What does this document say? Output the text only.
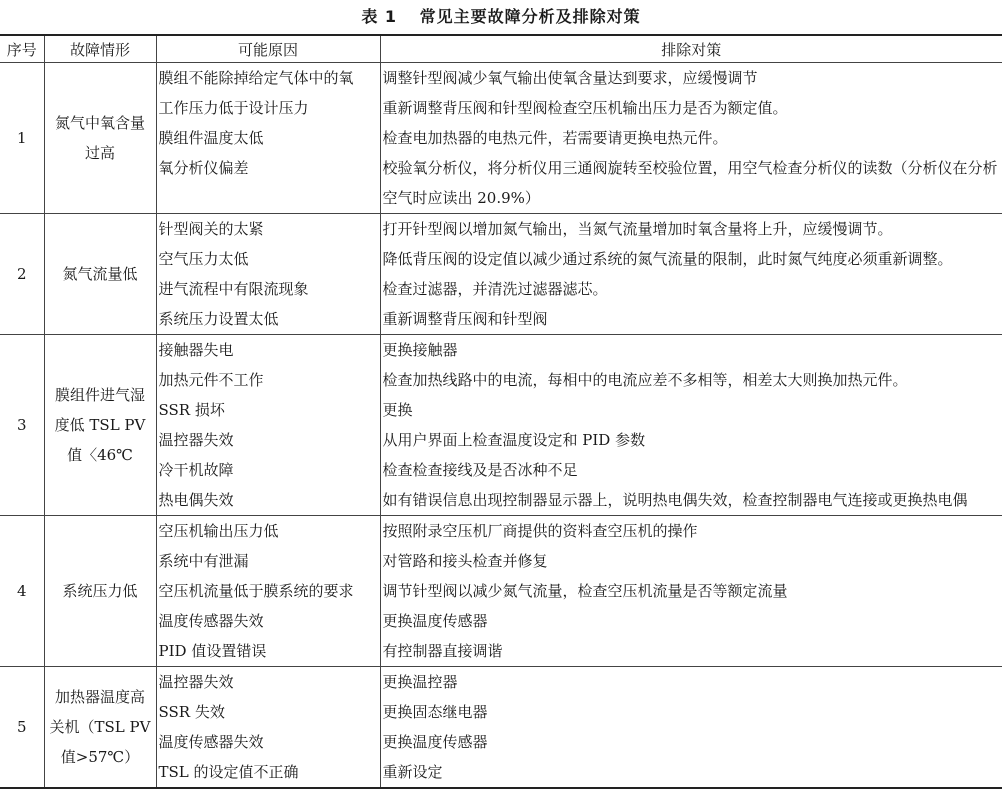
表 1 常见主要故障分析及排除对策
序号	故障情形	可能原因	排除对策
1	氮气中氧含量过高	膜组不能除掉给定气体中的氧	调整针型阀减少氧气输出使氧含量达到要求，应缓慢调节
		工作压力低于设计压力	重新调整背压阀和针型阀检查空压机输出压力是否为额定值。
		膜组件温度太低	检查电加热器的电热元件，若需要请更换电热元件。
		氧分析仪偏差	校验氧分析仪，将分析仪用三通阀旋转至校验位置，用空气检查分析仪的读数（分析仪在分析空气时应读出 20.9%）

2	氮气流量低	针型阀关的太紧	打开针型阀以增加氮气输出，当氮气流量增加时氧含量将上升，应缓慢调节。
		空气压力太低	降低背压阀的设定值以减少通过系统的氮气流量的限制，此时氮气纯度必须重新调整。
		进气流程中有限流现象	检查过滤器，并清洗过滤器滤芯。
		系统压力设置太低	重新调整背压阀和针型阀
3	膜组件进气湿度低 TSL PV 值〈46℃	接触器失电	更换接触器
		加热元件不工作	检查加热线路中的电流，每相中的电流应差不多相等，相差太大则换加热元件。
		SSR 损坏	更换
		温控器失效	从用户界面上检查温度设定和 PID 参数
		冷干机故障	检查检查接线及是否冰种不足
		热电偶失效	如有错误信息出现控制器显示器上，说明热电偶失效，检查控制器电气连接或更换热电偶
4	系统压力低	空压机输出压力低	按照附录空压机厂商提供的资料查空压机的操作
		系统中有泄漏	对管路和接头检查并修复
		空压机流量低于膜系统的要求	调节针型阀以减少氮气流量，检查空压机流量是否等额定流量
		温度传感器失效	更换温度传感器
		PID 值设置错误	有控制器直接调谐
5	加热器温度高关机（TSL PV 值>57℃）	温控器失效	更换温控器
		SSR 失效	更换固态继电器
		温度传感器失效	更换温度传感器
		TSL 的设定值不正确	重新设定
